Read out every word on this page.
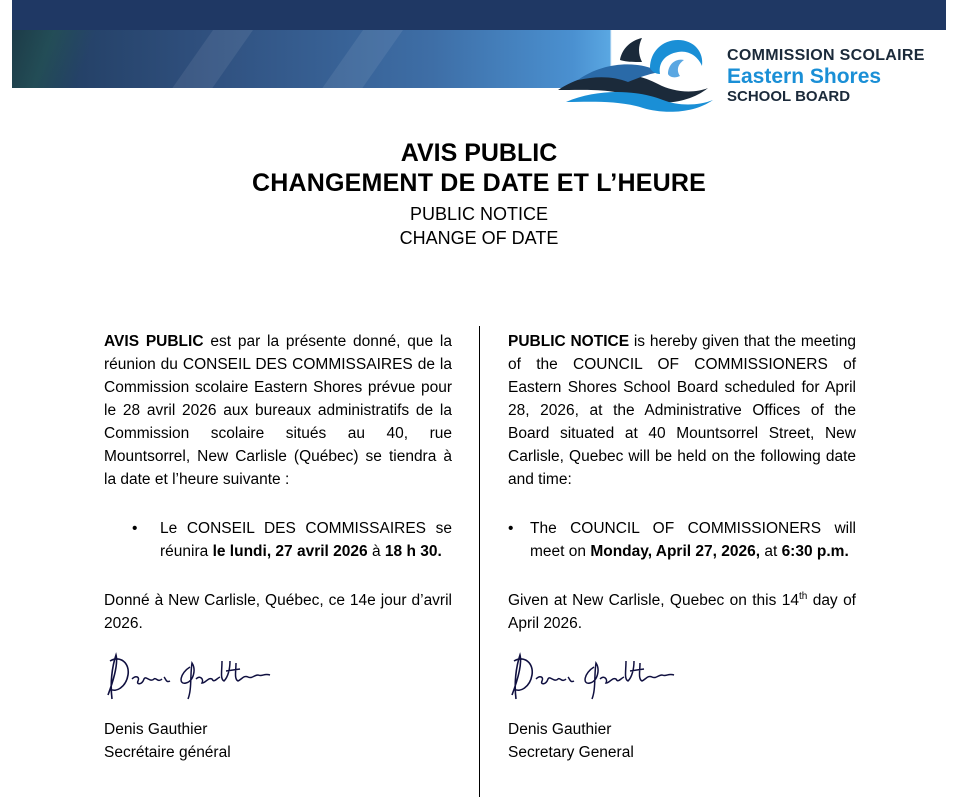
COMMISSION SCOLAIRE
Eastern Shores
SCHOOL BOARD
AVIS PUBLIC
CHANGEMENT DE DATE ET L’HEURE
PUBLIC NOTICE
CHANGE OF DATE

AVIS PUBLIC est par la présente donné, que la réunion du CONSEIL DES COMMISSAIRES de la Commission scolaire Eastern Shores prévue pour le 28 avril 2026 aux bureaux administratifs de la Commission scolaire situés au 40, rue Mountsorrel, New Carlisle (Québec) se tiendra à la date et l’heure suivante :

• Le CONSEIL DES COMMISSAIRES se réunira le lundi, 27 avril 2026 à 18 h 30.

Donné à New Carlisle, Québec, ce 14e jour d’avril 2026.

Denis Gauthier
Secrétaire général

PUBLIC NOTICE is hereby given that the meeting of the COUNCIL OF COMMISSIONERS of Eastern Shores School Board scheduled for April 28, 2026, at the Administrative Offices of the Board situated at 40 Mountsorrel Street, New Carlisle, Quebec will be held on the following date and time:

• The COUNCIL OF COMMISSIONERS will meet on Monday, April 27, 2026, at 6:30 p.m.

Given at New Carlisle, Quebec on this 14th day of April 2026.

Denis Gauthier
Secretary General
